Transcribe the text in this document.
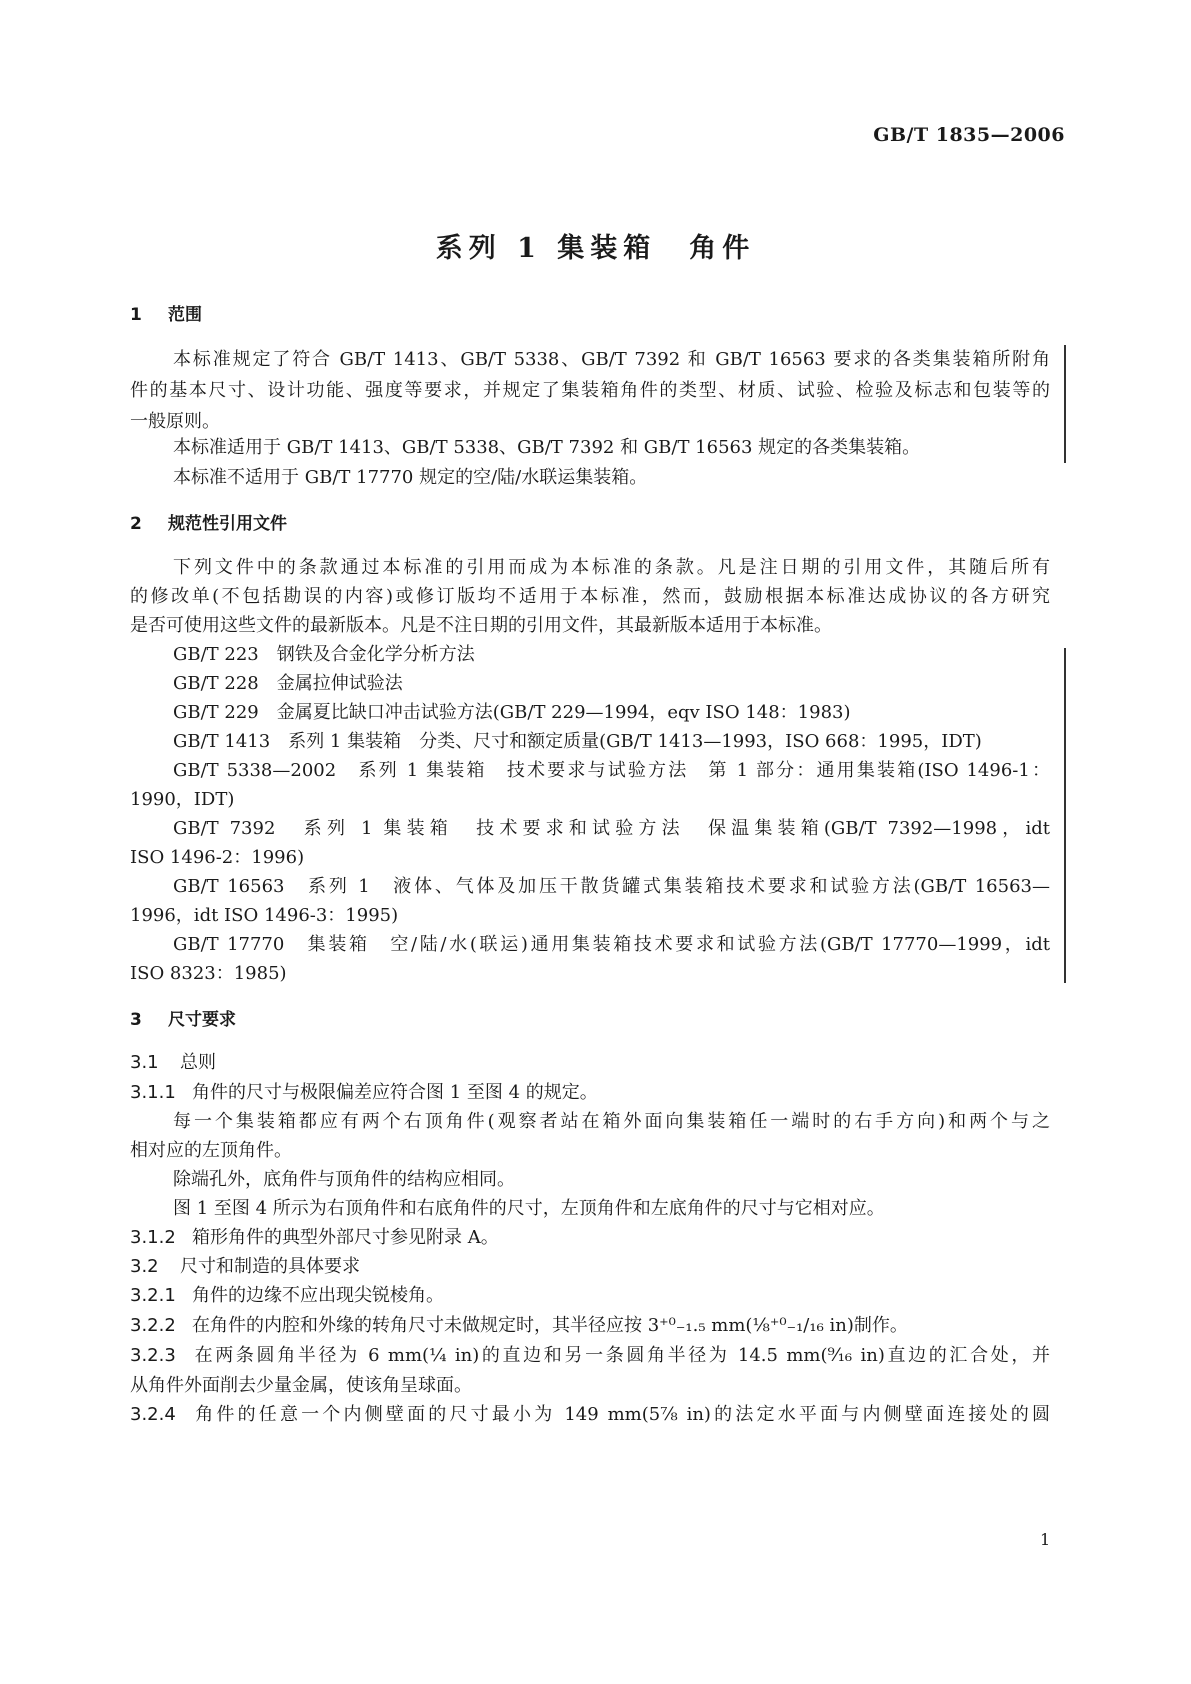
GB/T 1835—2006
系列 1 集装箱　角件
1 范围
本标准规定了符合 GB/T 1413、GB/T 5338、GB/T 7392 和 GB/T 16563 要求的各类集装箱所附角
件的基本尺寸、设计功能、强度等要求，并规定了集装箱角件的类型、材质、试验、检验及标志和包装等的
一般原则。
本标准适用于 GB/T 1413、GB/T 5338、GB/T 7392 和 GB/T 16563 规定的各类集装箱。
本标准不适用于 GB/T 17770 规定的空/陆/水联运集装箱。
2 规范性引用文件
下列文件中的条款通过本标准的引用而成为本标准的条款。凡是注日期的引用文件，其随后所有
的修改单(不包括勘误的内容)或修订版均不适用于本标准，然而，鼓励根据本标准达成协议的各方研究
是否可使用这些文件的最新版本。凡是不注日期的引用文件，其最新版本适用于本标准。
GB/T 223　钢铁及合金化学分析方法
GB/T 228　金属拉伸试验法
GB/T 229　金属夏比缺口冲击试验方法(GB/T 229—1994，eqv ISO 148：1983)
GB/T 1413　系列 1 集装箱　分类、尺寸和额定质量(GB/T 1413—1993，ISO 668：1995，IDT)
GB/T 5338—2002　系列 1 集装箱　技术要求与试验方法　第 1 部分：通用集装箱(ISO 1496-1：
1990，IDT)
GB/T 7392　系列 1 集装箱　技术要求和试验方法　保温集装箱(GB/T 7392—1998，idt
ISO 1496-2：1996)
GB/T 16563　系列 1　液体、气体及加压干散货罐式集装箱技术要求和试验方法(GB/T 16563—
1996，idt ISO 1496-3：1995)
GB/T 17770　集装箱　空/陆/水(联运)通用集装箱技术要求和试验方法(GB/T 17770—1999，idt
ISO 8323：1985)
3 尺寸要求
3.1 总则
3.1.1 角件的尺寸与极限偏差应符合图 1 至图 4 的规定。
每一个集装箱都应有两个右顶角件(观察者站在箱外面向集装箱任一端时的右手方向)和两个与之
相对应的左顶角件。
除端孔外，底角件与顶角件的结构应相同。
图 1 至图 4 所示为右顶角件和右底角件的尺寸，左顶角件和左底角件的尺寸与它相对应。
3.1.2 箱形角件的典型外部尺寸参见附录 A。
3.2 尺寸和制造的具体要求
3.2.1 角件的边缘不应出现尖锐棱角。
3.2.2 在角件的内腔和外缘的转角尺寸未做规定时，其半径应按 3⁺⁰₋₁.₅ mm(⅛⁺⁰₋₁/₁₆ in)制作。
3.2.3 在两条圆角半径为 6 mm(¼ in)的直边和另一条圆角半径为 14.5 mm(⁹⁄₁₆ in)直边的汇合处，并
从角件外面削去少量金属，使该角呈球面。
3.2.4 角件的任意一个内侧壁面的尺寸最小为 149 mm(5⅞ in)的法定水平面与内侧壁面连接处的圆
1
